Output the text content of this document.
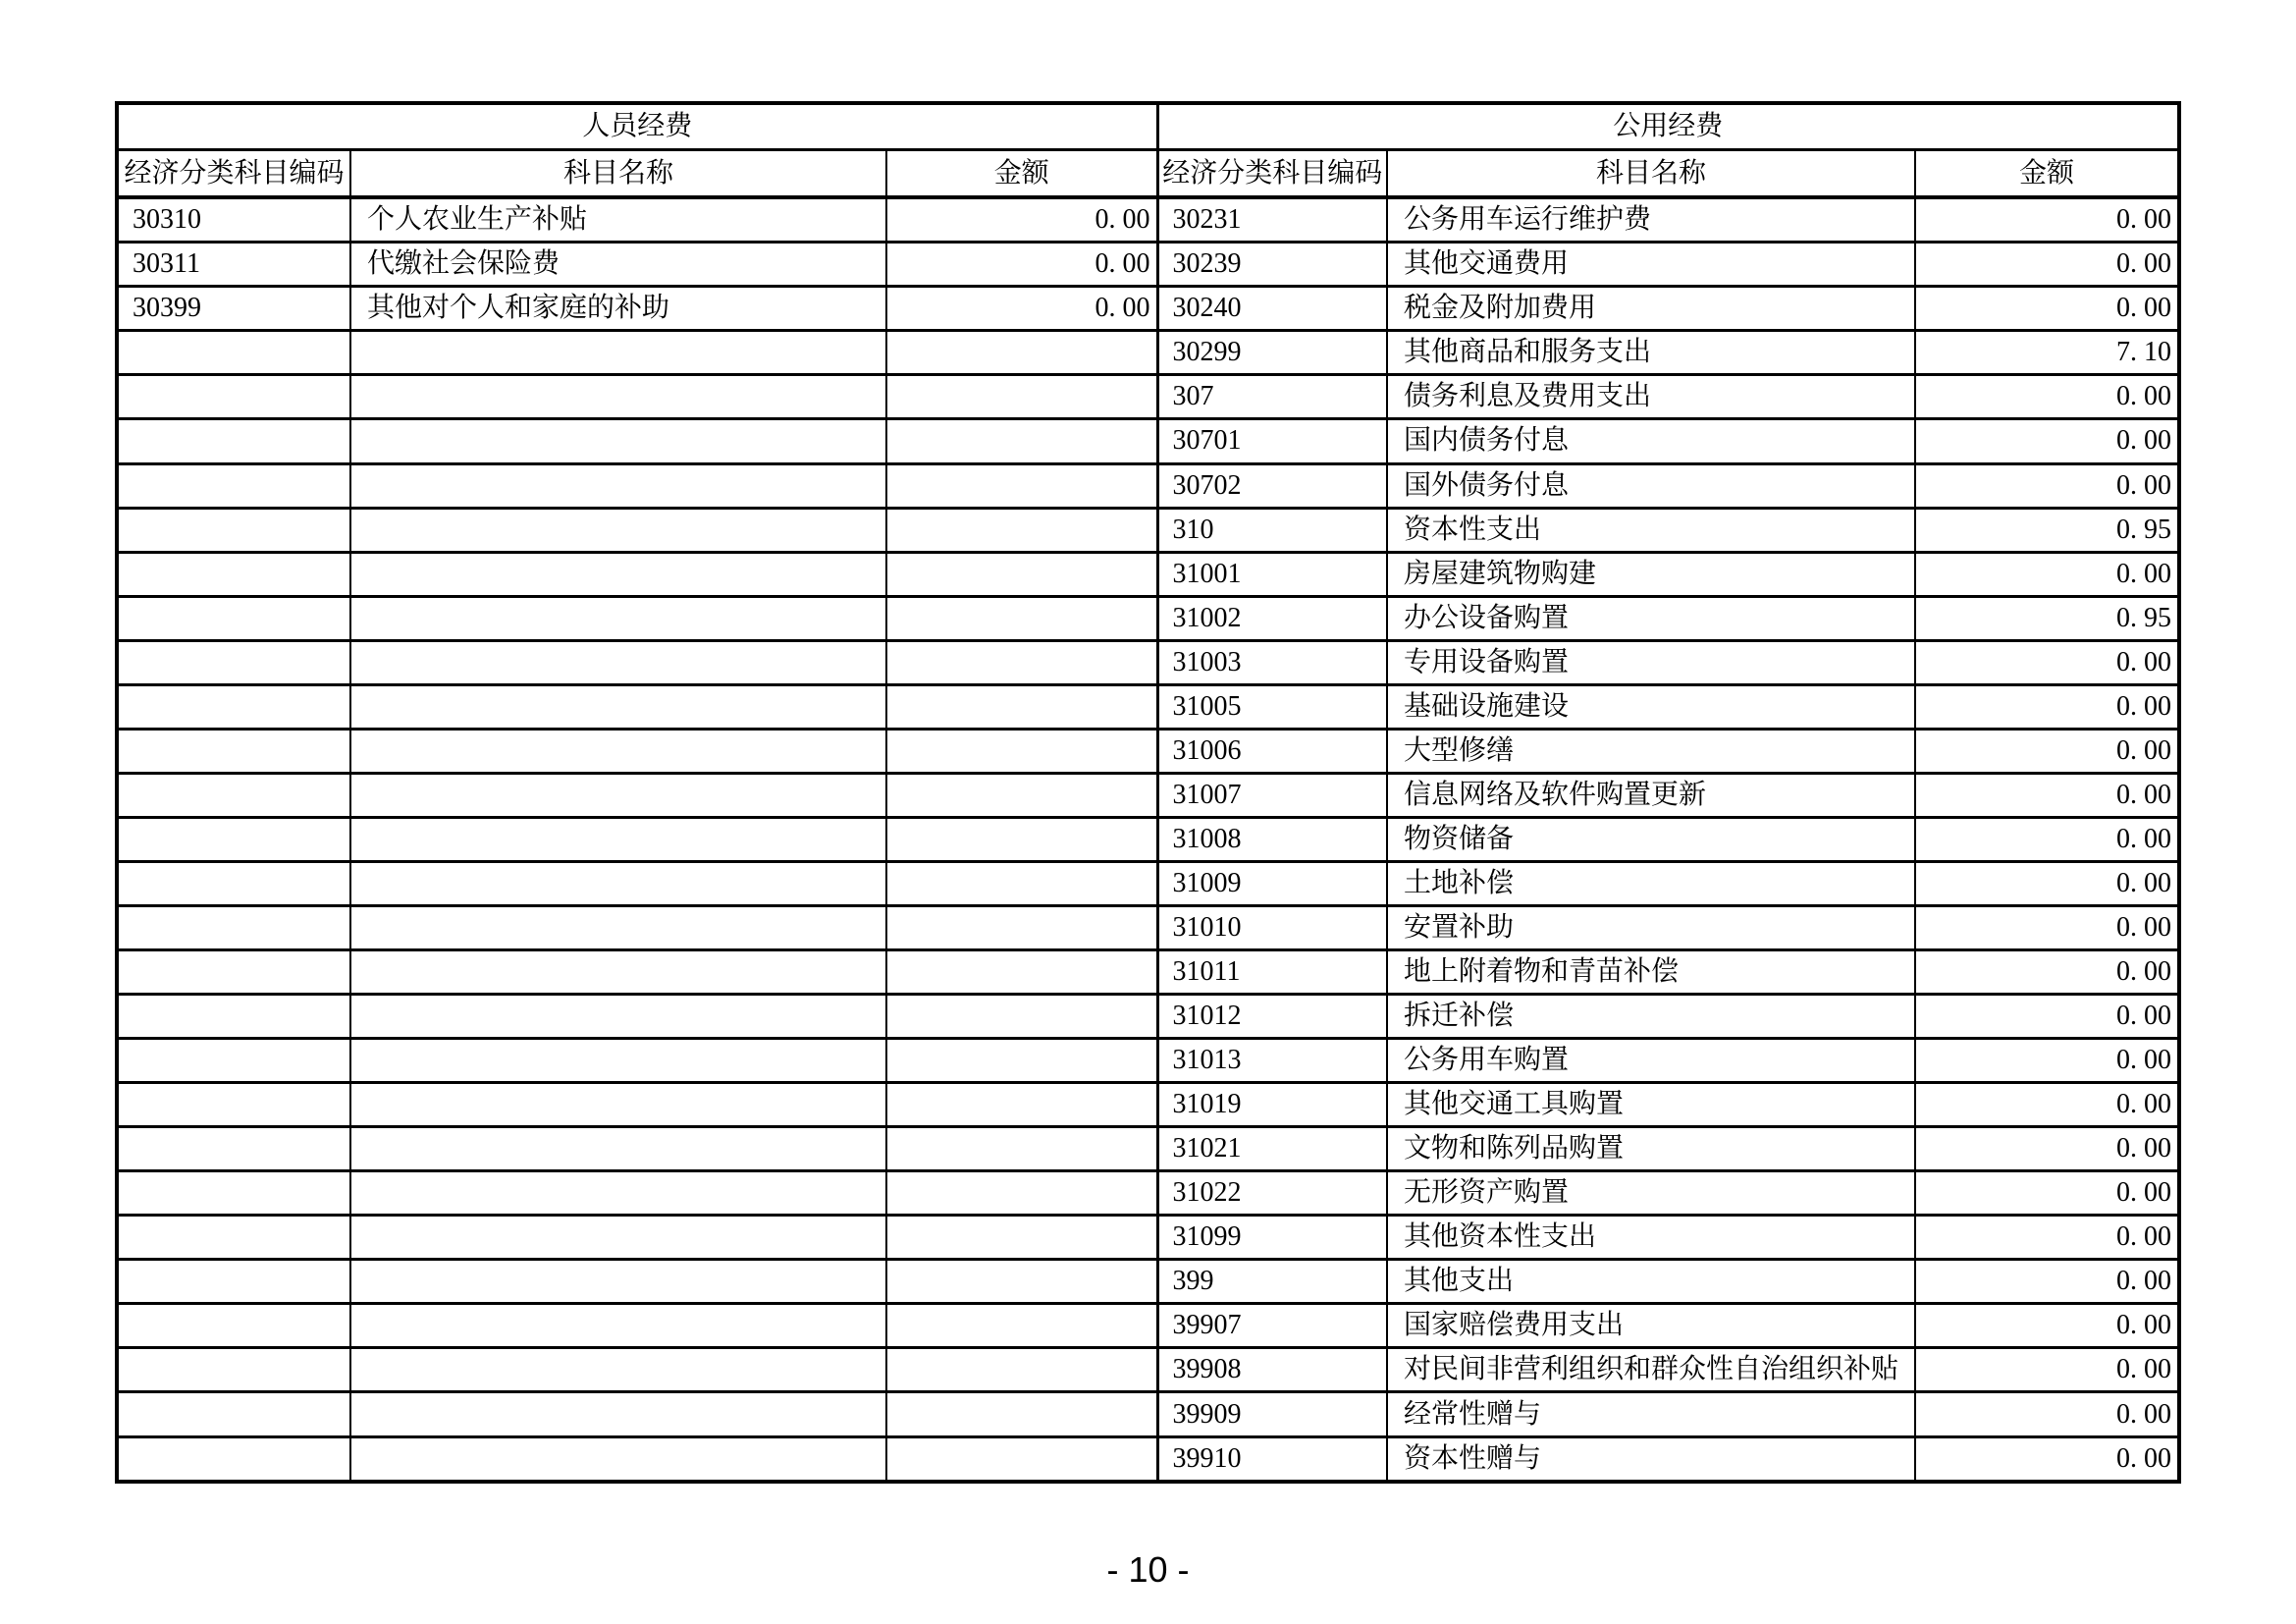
人员经费			公用经费		
经济分类科目编码	科目名称	金额	经济分类科目编码	科目名称	金额
30310	个人农业生产补贴	0. 00	30231	公务用车运行维护费	0. 00
30311	代缴社会保险费	0. 00	30239	其他交通费用	0. 00
30399	其他对个人和家庭的补助	0. 00	30240	税金及附加费用	0. 00
			30299	其他商品和服务支出	7. 10
			307	债务利息及费用支出	0. 00
			30701	国内债务付息	0. 00
			30702	国外债务付息	0. 00
			310	资本性支出	0. 95
			31001	房屋建筑物购建	0. 00
			31002	办公设备购置	0. 95
			31003	专用设备购置	0. 00
			31005	基础设施建设	0. 00
			31006	大型修缮	0. 00
			31007	信息网络及软件购置更新	0. 00
			31008	物资储备	0. 00
			31009	土地补偿	0. 00
			31010	安置补助	0. 00
			31011	地上附着物和青苗补偿	0. 00
			31012	拆迁补偿	0. 00
			31013	公务用车购置	0. 00
			31019	其他交通工具购置	0. 00
			31021	文物和陈列品购置	0. 00
			31022	无形资产购置	0. 00
			31099	其他资本性支出	0. 00
			399	其他支出	0. 00
			39907	国家赔偿费用支出	0. 00
			39908	对民间非营利组织和群众性自治组织补贴	0. 00
			39909	经常性赠与	0. 00
			39910	资本性赠与	0. 00
- 10 -
